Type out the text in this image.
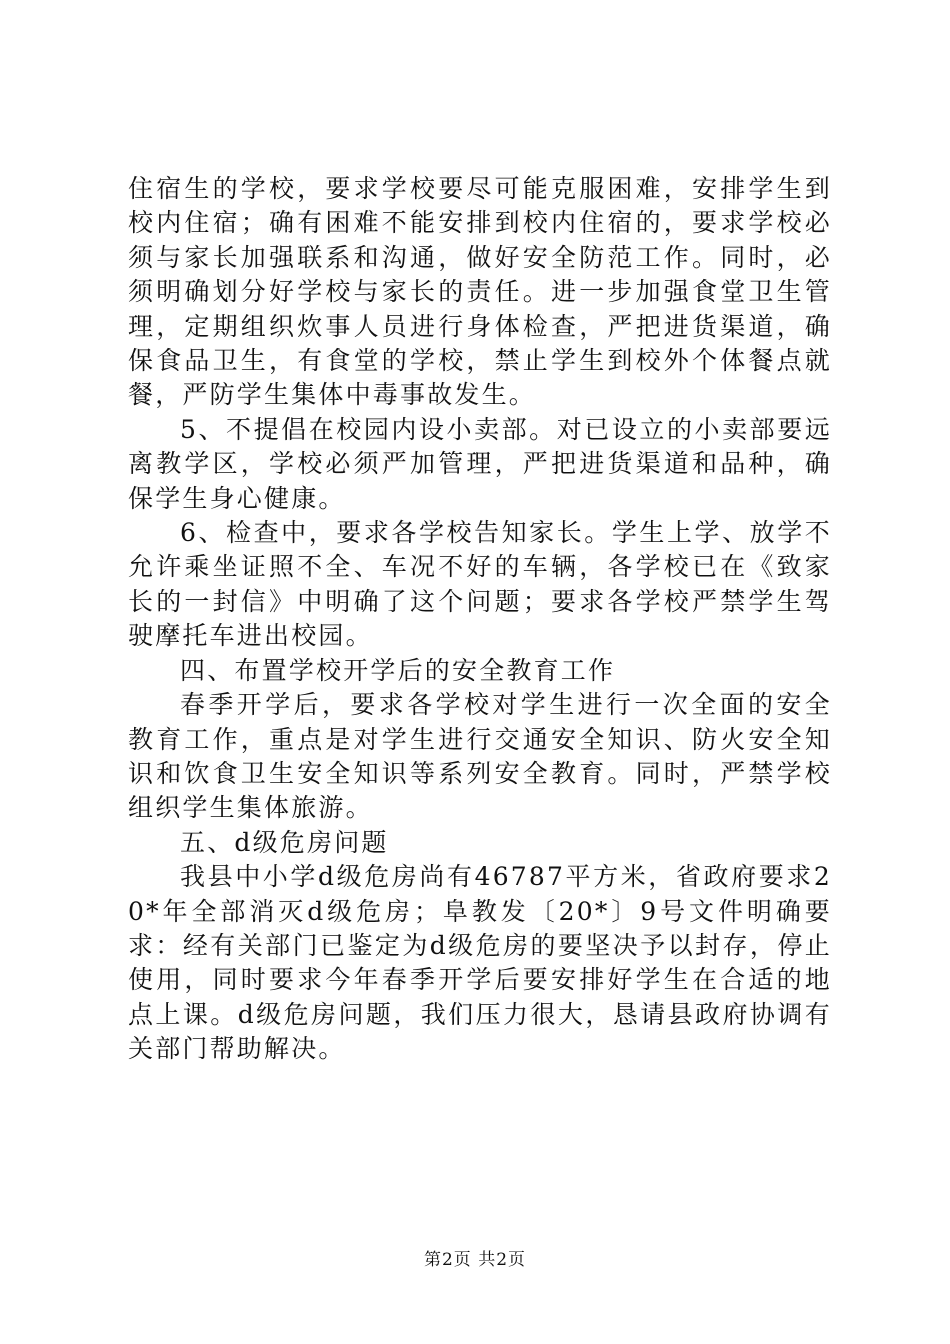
住宿生的学校，要求学校要尽可能克服困难，安排学生到校内住宿；确有困难不能安排到校内住宿的，要求学校必须与家长加强联系和沟通，做好安全防范工作。同时，必须明确划分好学校与家长的责任。进一步加强食堂卫生管理，定期组织炊事人员进行身体检查，严把进货渠道，确保食品卫生，有食堂的学校，禁止学生到校外个体餐点就餐，严防学生集体中毒事故发生。

5、不提倡在校园内设小卖部。对已设立的小卖部要远离教学区，学校必须严加管理，严把进货渠道和品种，确保学生身心健康。

6、检查中，要求各学校告知家长。学生上学、放学不允许乘坐证照不全、车况不好的车辆，各学校已在《致家长的一封信》中明确了这个问题；要求各学校严禁学生驾驶摩托车进出校园。

四、布置学校开学后的安全教育工作

春季开学后，要求各学校对学生进行一次全面的安全教育工作，重点是对学生进行交通安全知识、防火安全知识和饮食卫生安全知识等系列安全教育。同时，严禁学校组织学生集体旅游。

五、d级危房问题

我县中小学d级危房尚有46787平方米，省政府要求20*年全部消灭d级危房；阜教发〔20*〕9号文件明确要求：经有关部门已鉴定为d级危房的要坚决予以封存，停止使用，同时要求今年春季开学后要安排好学生在合适的地点上课。d级危房问题，我们压力很大，恳请县政府协调有关部门帮助解决。

第2页 共2页
